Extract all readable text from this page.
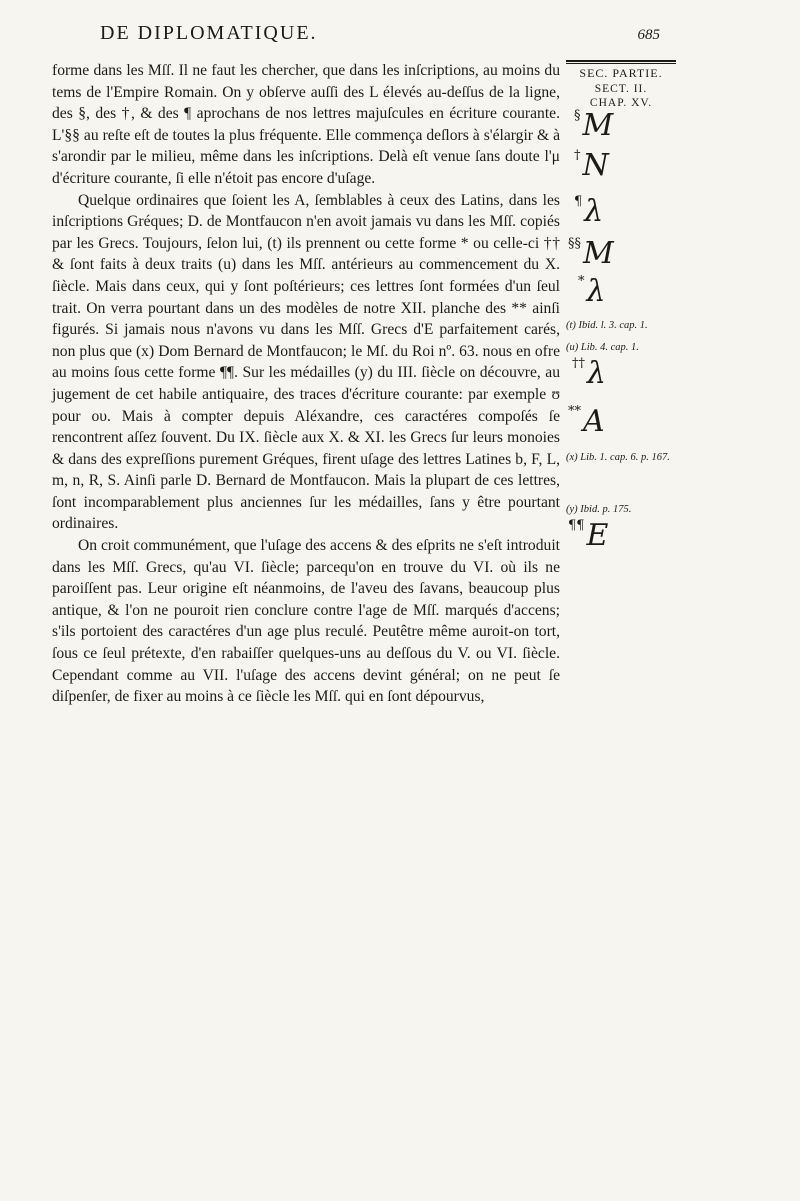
DE DIPLOMATIQUE.	685

forme dans les Mſſ. Il ne faut les chercher, que dans les inſcriptions, au moins du tems de l'Empire Romain. On y obſerve auſſi des L élevés au-deſſus de la ligne, des §, des †, & des ¶ aprochans de nos lettres majuſcules en écriture courante. L'§§ au reſte eſt de toutes la plus fréquente. Elle commença deſlors à s'élargir & à s'arondir par le milieu, même dans les inſcriptions. Delà eſt venue ſans doute l'μ d'écriture courante, ſi elle n'étoit pas encore d'uſage.

Quelque ordinaires que ſoient les A, ſemblables à ceux des Latins, dans les inſcriptions Gréques; D. de Montfaucon n'en avoit jamais vu dans les Mſſ. copiés par les Grecs. Toujours, ſelon lui, (t) ils prennent ou cette forme * ou celle-ci †† & ſont faits à deux traits (u) dans les Mſſ. antérieurs au commencement du X. ſiècle. Mais dans ceux, qui y ſont poſtérieurs; ces lettres ſont formées d'un ſeul trait. On verra pourtant dans un des modèles de notre XII. planche des ** ainſi figurés. Si jamais nous n'avons vu dans les Mſſ. Grecs d'E parfaitement carés, non plus que (x) Dom Bernard de Montfaucon; le Mſ. du Roi nº. 63. nous en ofre au moins ſous cette forme ¶¶. Sur les médailles (y) du III. ſiècle on découvre, au jugement de cet habile antiquaire, des traces d'écriture courante: par exemple ʊ pour ου. Mais à compter depuis Aléxandre, ces caractéres compoſés ſe rencontrent aſſez ſouvent. Du IX. ſiècle aux X. & XI. les Grecs ſur leurs monoies & dans des expreſſions purement Gréques, firent uſage des lettres Latines b, F, L, m, n, R, S. Ainſi parle D. Bernard de Montfaucon. Mais la plupart de ces lettres, ſont incomparablement plus anciennes ſur les médailles, ſans y être pourtant ordinaires.

On croit communément, que l'uſage des accens & des eſprits ne s'eſt introduit dans les Mſſ. Grecs, qu'au VI. ſiècle; parcequ'on en trouve du VI. où ils ne paroiſſent pas. Leur origine eſt néanmoins, de l'aveu des ſavans, beaucoup plus antique, & l'on ne pouroit rien conclure contre l'age de Mſſ. marqués d'accens; s'ils portoient des caractéres d'un age plus reculé. Peutêtre même auroit-on tort, ſous ce ſeul prétexte, d'en rabaiſſer quelques-uns au deſſous du V. ou VI. ſiècle. Cependant comme au VII. l'uſage des accens devint général; on ne peut ſe diſpenſer, de fixer au moins à ce ſiècle les Mſſ. qui en ſont dépourvus,

SEC. PARTIE.
SECT. II.
CHAP. XV.
§M
†N
¶λ
§§M
*λ
(t) Ibid. l. 3. cap. 1.
(u) Lib. 4. cap. 1.
††λ
**A
(x) Lib. 1. cap. 6. p. 167.
(y) Ibid. p. 175.
¶¶E
